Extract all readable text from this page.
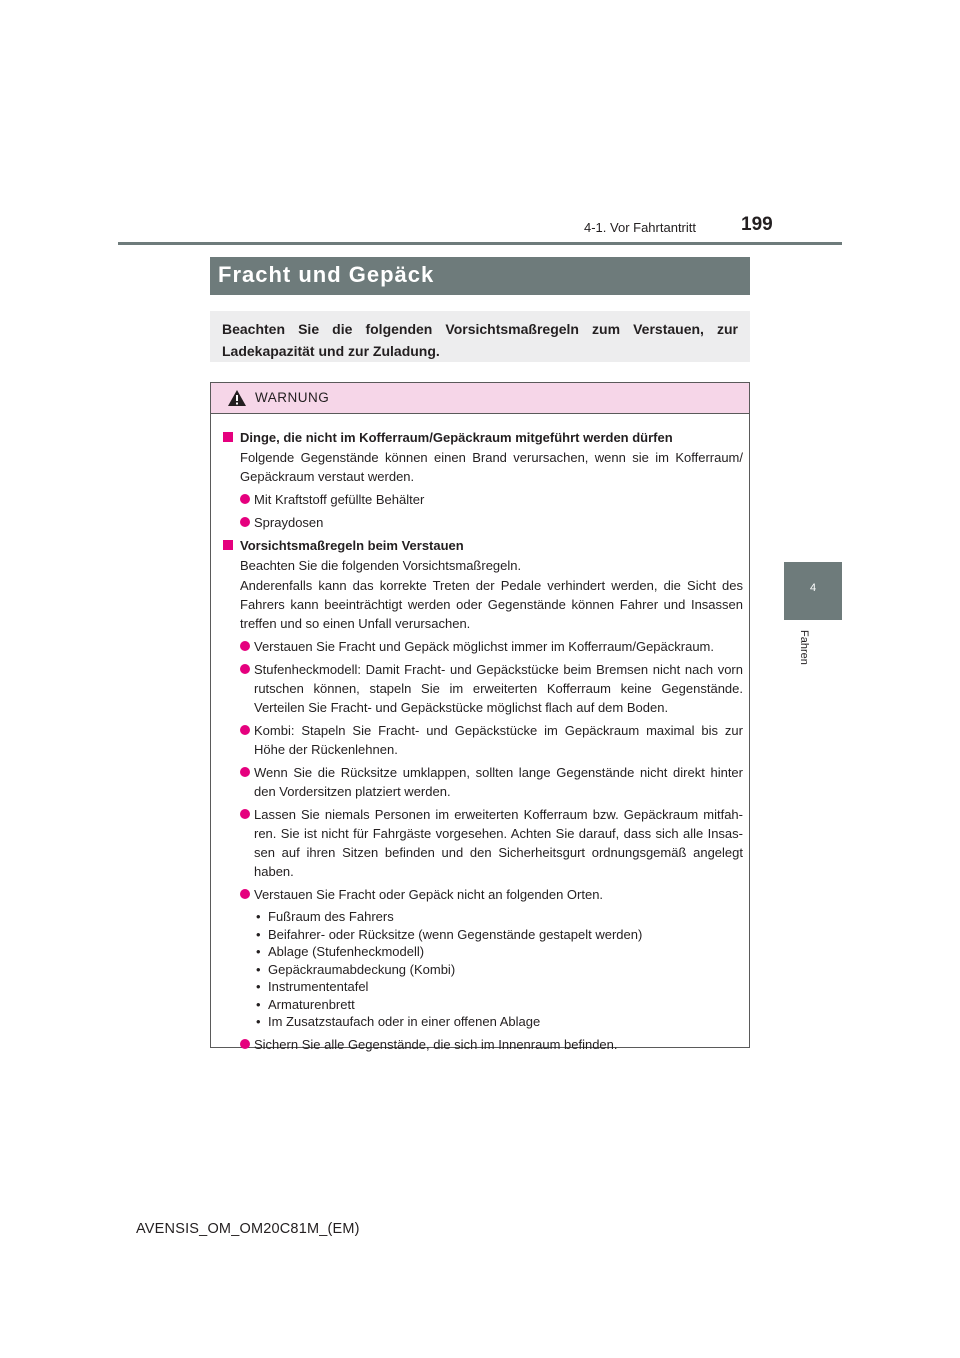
4-1. Vor Fahrtantritt 199
4
Fahren
Fracht und Gepäck
Beachten Sie die folgenden Vorsichtsmaßregeln zum Verstauen, zur Ladekapazität und zur Zuladung.
WARNUNG
Dinge, die nicht im Kofferraum/Gepäckraum mitgeführt werden dürfen
Folgende Gegenstände können einen Brand verursachen, wenn sie im Kofferraum/ Gepäckraum verstaut werden.
Mit Kraftstoff gefüllte Behälter
Spraydosen
Vorsichtsmaßregeln beim Verstauen
Beachten Sie die folgenden Vorsichtsmaßregeln.
Anderenfalls kann das korrekte Treten der Pedale verhindert werden, die Sicht des Fahrers kann beeinträchtigt werden oder Gegenstände können Fahrer und Insassen treffen und so einen Unfall verursachen.
Verstauen Sie Fracht und Gepäck möglichst immer im Kofferraum/Gepäckraum.
Stufenheckmodell: Damit Fracht- und Gepäckstücke beim Bremsen nicht nach vorn rutschen können, stapeln Sie im erweiterten Kofferraum keine Gegenstände. Verteilen Sie Fracht- und Gepäckstücke möglichst flach auf dem Boden.
Kombi: Stapeln Sie Fracht- und Gepäckstücke im Gepäckraum maximal bis zur Höhe der Rückenlehnen.
Wenn Sie die Rücksitze umklappen, sollten lange Gegenstände nicht direkt hinter den Vordersitzen platziert werden.
Lassen Sie niemals Personen im erweiterten Kofferraum bzw. Gepäckraum mitfah- ren. Sie ist nicht für Fahrgäste vorgesehen. Achten Sie darauf, dass sich alle Insas- sen auf ihren Sitzen befinden und den Sicherheitsgurt ordnungsgemäß angelegt haben.
Verstauen Sie Fracht oder Gepäck nicht an folgenden Orten.
• Fußraum des Fahrers
• Beifahrer- oder Rücksitze (wenn Gegenstände gestapelt werden)
• Ablage (Stufenheckmodell)
• Gepäckraumabdeckung (Kombi)
• Instrumententafel
• Armaturenbrett
• Im Zusatzstaufach oder in einer offenen Ablage
Sichern Sie alle Gegenstände, die sich im Innenraum befinden.
AVENSIS_OM_OM20C81M_(EM)
